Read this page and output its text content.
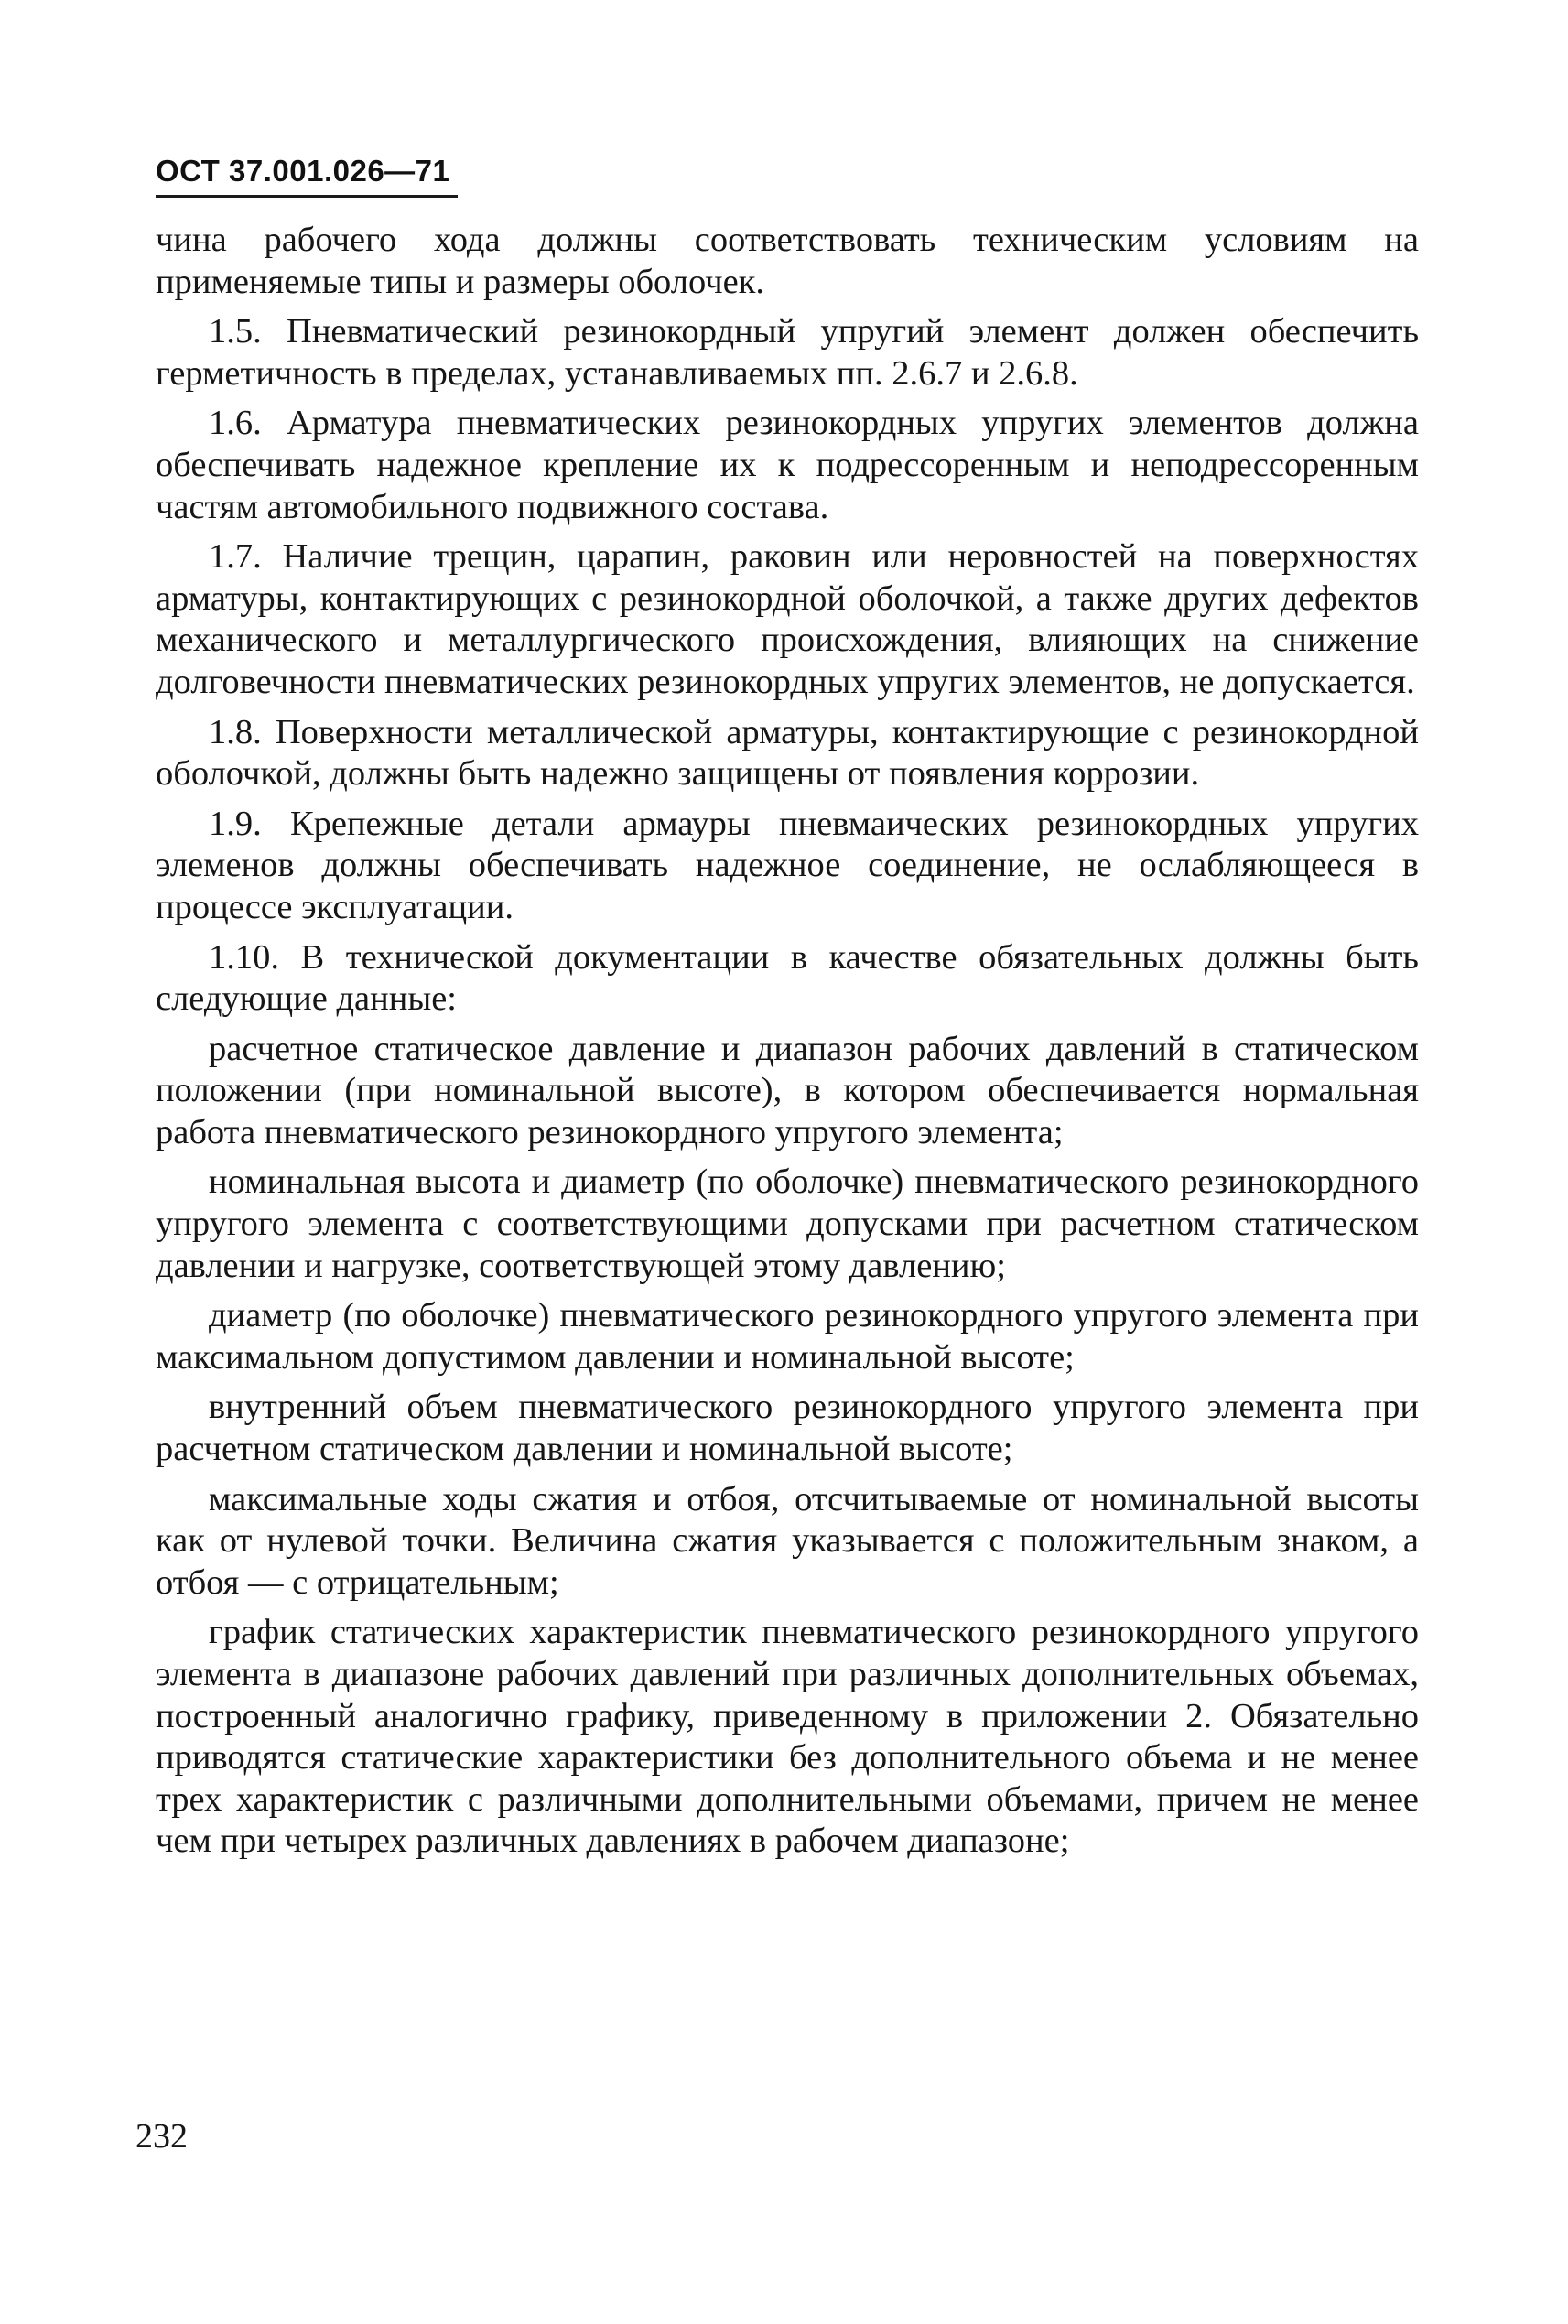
ОСТ 37.001.026—71

чина рабочего хода должны соответствовать техническим условиям на применяемые типы и размеры оболочек.

1.5. Пневматический резинокордный упругий элемент должен обеспечить герметичность в пределах, устанавливаемых пп. 2.6.7 и 2.6.8.

1.6. Арматура пневматических резинокордных упругих элементов должна обеспечивать надежное крепление их к подрессоренным и неподрессоренным частям автомобильного подвижного состава.

1.7. Наличие трещин, царапин, раковин или неровностей на поверхностях арматуры, контактирующих с резинокордной оболочкой, а также других дефектов механического и металлургического происхождения, влияющих на снижение долговечности пневматических резинокордных упругих элементов, не допускается.

1.8. Поверхности металлической арматуры, контактирующие с резинокордной оболочкой, должны быть надежно защищены от появления коррозии.

1.9. Крепежные детали армауры пневмаических резинокордных упругих элеменов должны обеспечивать надежное соединение, не ослабляющееся в процессе эксплуатации.

1.10. В технической документации в качестве обязательных должны быть следующие данные:

расчетное статическое давление и диапазон рабочих давлений в статическом положении (при номинальной высоте), в котором обеспечивается нормальная работа пневматического резинокордного упругого элемента;

номинальная высота и диаметр (по оболочке) пневматического резинокордного упругого элемента с соответствующими допусками при расчетном статическом давлении и нагрузке, соответствующей этому давлению;

диаметр (по оболочке) пневматического резинокордного упругого элемента при максимальном допустимом давлении и номинальной высоте;

внутренний объем пневматического резинокордного упругого элемента при расчетном статическом давлении и номинальной высоте;

максимальные ходы сжатия и отбоя, отсчитываемые от номинальной высоты как от нулевой точки. Величина сжатия указывается с положительным знаком, а отбоя — с отрицательным;

график статических характеристик пневматического резинокордного упругого элемента в диапазоне рабочих давлений при различных дополнительных объемах, построенный аналогично графику, приведенному в приложении 2. Обязательно приводятся статические характеристики без дополнительного объема и не менее трех характеристик с различными дополнительными объемами, причем не менее чем при четырех различных давлениях в рабочем диапазоне;

232
